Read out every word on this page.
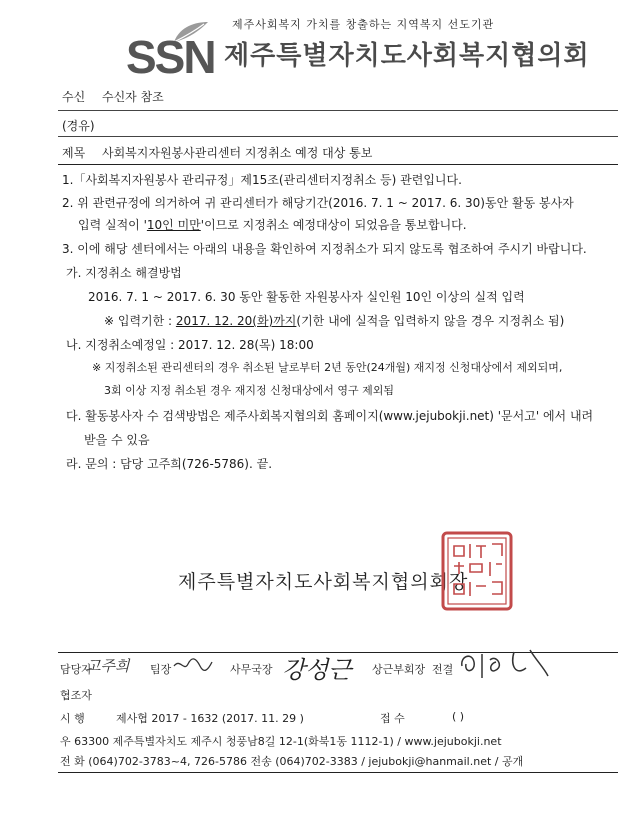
제주사회복지 가치를 창출하는 지역복지 선도기관
SSN 제주특별자치도사회복지협의회
수신 수신자 참조
(경유)
제목 사회복지자원봉사관리센터 지정취소 예정 대상 통보
1.「사회복지자원봉사 관리규정」제15조(관리센터지정취소 등) 관련입니다.
2. 위 관련규정에 의거하여 귀 관리센터가 해당기간(2016. 7. 1 ~ 2017. 6. 30)동안 활동 봉사자
입력 실적이 '10인 미만'이므로 지정취소 예정대상이 되었음을 통보합니다.
3. 이에 해당 센터에서는 아래의 내용을 확인하여 지정취소가 되지 않도록 협조하여 주시기 바랍니다.
가. 지정취소 해결방법
2016. 7. 1 ~ 2017. 6. 30 동안 활동한 자원봉사자 실인원 10인 이상의 실적 입력
※ 입력기한 : 2017. 12. 20(화)까지(기한 내에 실적을 입력하지 않을 경우 지정취소 됨)
나. 지정취소예정일 : 2017. 12. 28(목) 18:00
※ 지정취소된 관리센터의 경우 취소된 날로부터 2년 동안(24개월) 재지정 신청대상에서 제외되며,
3회 이상 지정 취소된 경우 재지정 신청대상에서 영구 제외됨
다. 활동봉사자 수 검색방법은 제주사회복지협의회 홈페이지(www.jejubokji.net) '문서고' 에서 내려
받을 수 있음
라. 문의 : 담당 고주희(726-5786). 끝.
제주특별자치도사회복지협의회장
담당자
고주희 팀장	사무국장 강성근 상근부회장 전결
협조자
시 행	제사협 2017 - 1632 (2017. 11. 29 )	접 수	( )
우 63300 제주특별자치도 제주시 청풍남8길 12-1(화북1동 1112-1) / www.jejubokji.net
전 화 (064)702-3783~4, 726-5786 전송 (064)702-3383 / jejubokji@hanmail.net / 공개
